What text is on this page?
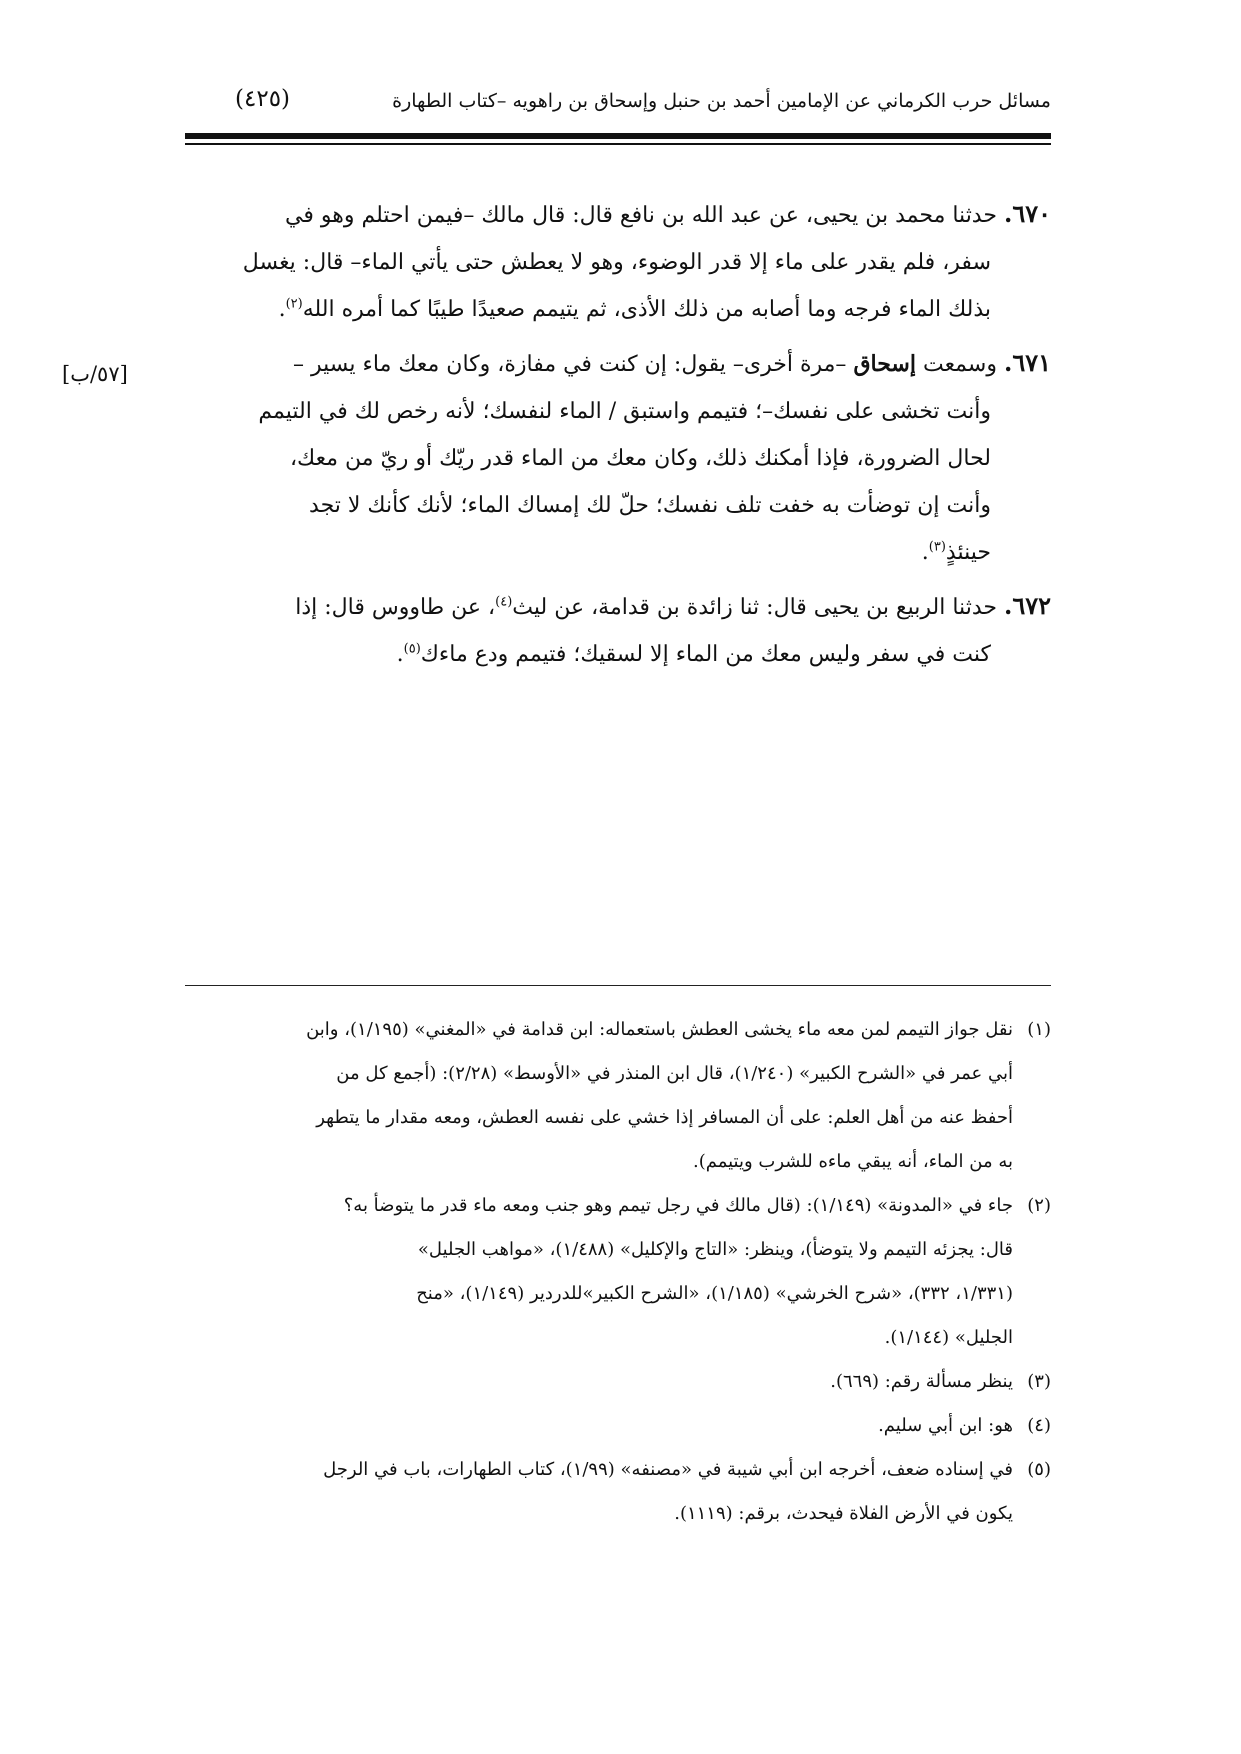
مسائل حرب الكرماني عن الإمامين أحمد بن حنبل وإسحاق بن راهويه –كتاب الطهارة
(٤٢٥)
[٥٧/ب]

٦٧٠. حدثنا محمد بن يحيى، عن عبد الله بن نافع قال: قال مالك –فيمن احتلم وهو في
سفر، فلم يقدر على ماء إلا قدر الوضوء، وهو لا يعطش حتى يأتي الماء– قال: يغسل
بذلك الماء فرجه وما أصابه من ذلك الأذى، ثم يتيمم صعيدًا طيبًا كما أمره الله$^{(٢)}$.

٦٧١. وسمعت إسحاق –مرة أخرى– يقول: إن كنت في مفازة، وكان معك ماء يسير –
وأنت تخشى على نفسك–؛ فتيمم واستبق / الماء لنفسك؛ لأنه رخص لك في التيمم
لحال الضرورة، فإذا أمكنك ذلك، وكان معك من الماء قدر ريّك أو ريّ من معك،
وأنت إن توضأت به خفت تلف نفسك؛ حلّ لك إمساك الماء؛ لأنك كأنك لا تجد
حينئذٍ$^{(٣)}$.

٦٧٢. حدثنا الربيع بن يحيى قال: ثنا زائدة بن قدامة، عن ليث$^{(٤)}$، عن طاووس قال: إذا
كنت في سفر وليس معك من الماء إلا لسقيك؛ فتيمم ودع ماءك$^{(٥)}$.

(١)نقل جواز التيمم لمن معه ماء يخشى العطش باستعماله: ابن قدامة في «المغني» (١/١٩٥)، وابن
أبي عمر في «الشرح الكبير» (١/٢٤٠)، قال ابن المنذر في «الأوسط» (٢/٢٨): (أجمع كل من
أحفظ عنه من أهل العلم: على أن المسافر إذا خشي على نفسه العطش، ومعه مقدار ما يتطهر
به من الماء، أنه يبقي ماءه للشرب ويتيمم).

(٢)جاء في «المدونة» (١/١٤٩): (قال مالك في رجل تيمم وهو جنب ومعه ماء قدر ما يتوضأ به؟
قال: يجزئه التيمم ولا يتوضأ)، وينظر: «التاج والإكليل» (١/٤٨٨)، «مواهب الجليل»
(١/٣٣١، ٣٣٢)، «شرح الخرشي» (١/١٨٥)، «الشرح الكبير»للدردير (١/١٤٩)، «منح
الجليل» (١/١٤٤).

(٣)ينظر مسألة رقم: (٦٦٩).

(٤)هو: ابن أبي سليم.

(٥)في إسناده ضعف، أخرجه ابن أبي شيبة في «مصنفه» (١/٩٩)، كتاب الطهارات، باب في الرجل
يكون في الأرض الفلاة فيحدث، برقم: (١١١٩).
